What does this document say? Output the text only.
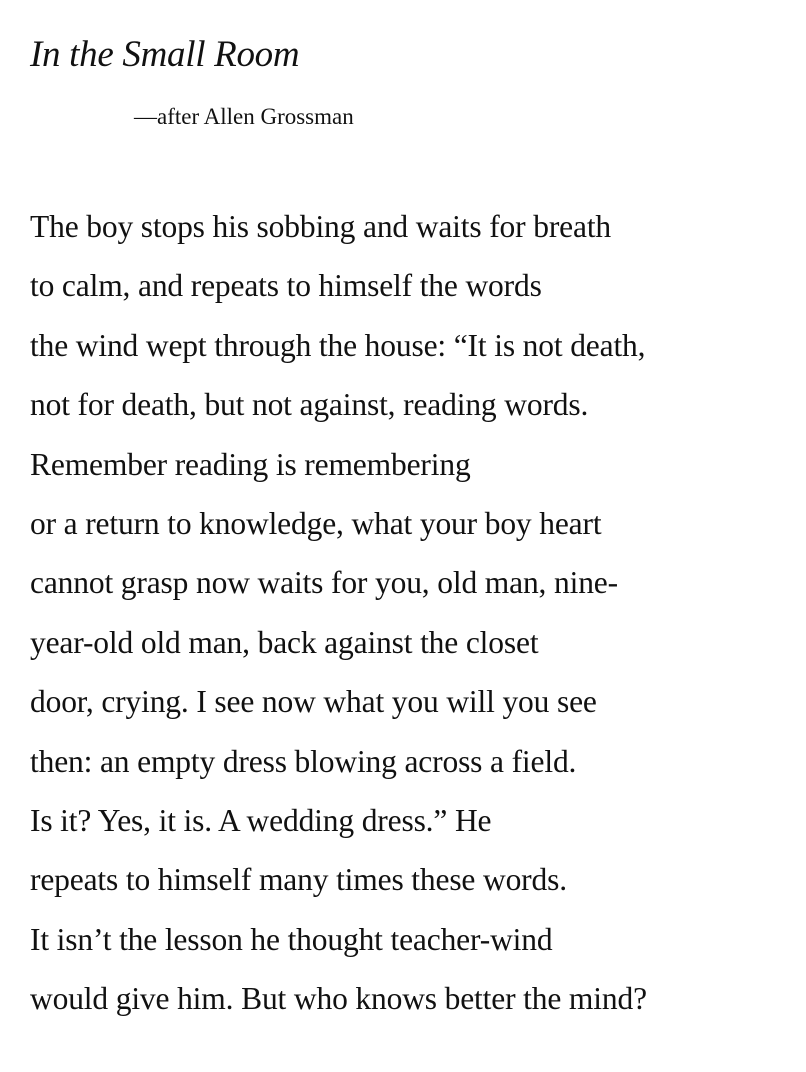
In the Small Room

—after Allen Grossman

The boy stops his sobbing and waits for breath
to calm, and repeats to himself the words
the wind wept through the house: “It is not death,
not for death, but not against, reading words.
Remember reading is remembering
or a return to knowledge, what your boy heart
cannot grasp now waits for you, old man, nine-
year-old old man, back against the closet
door, crying. I see now what you will you see
then: an empty dress blowing across a field.
Is it? Yes, it is. A wedding dress.” He
repeats to himself many times these words.
It isn’t the lesson he thought teacher-wind
would give him. But who knows better the mind?
